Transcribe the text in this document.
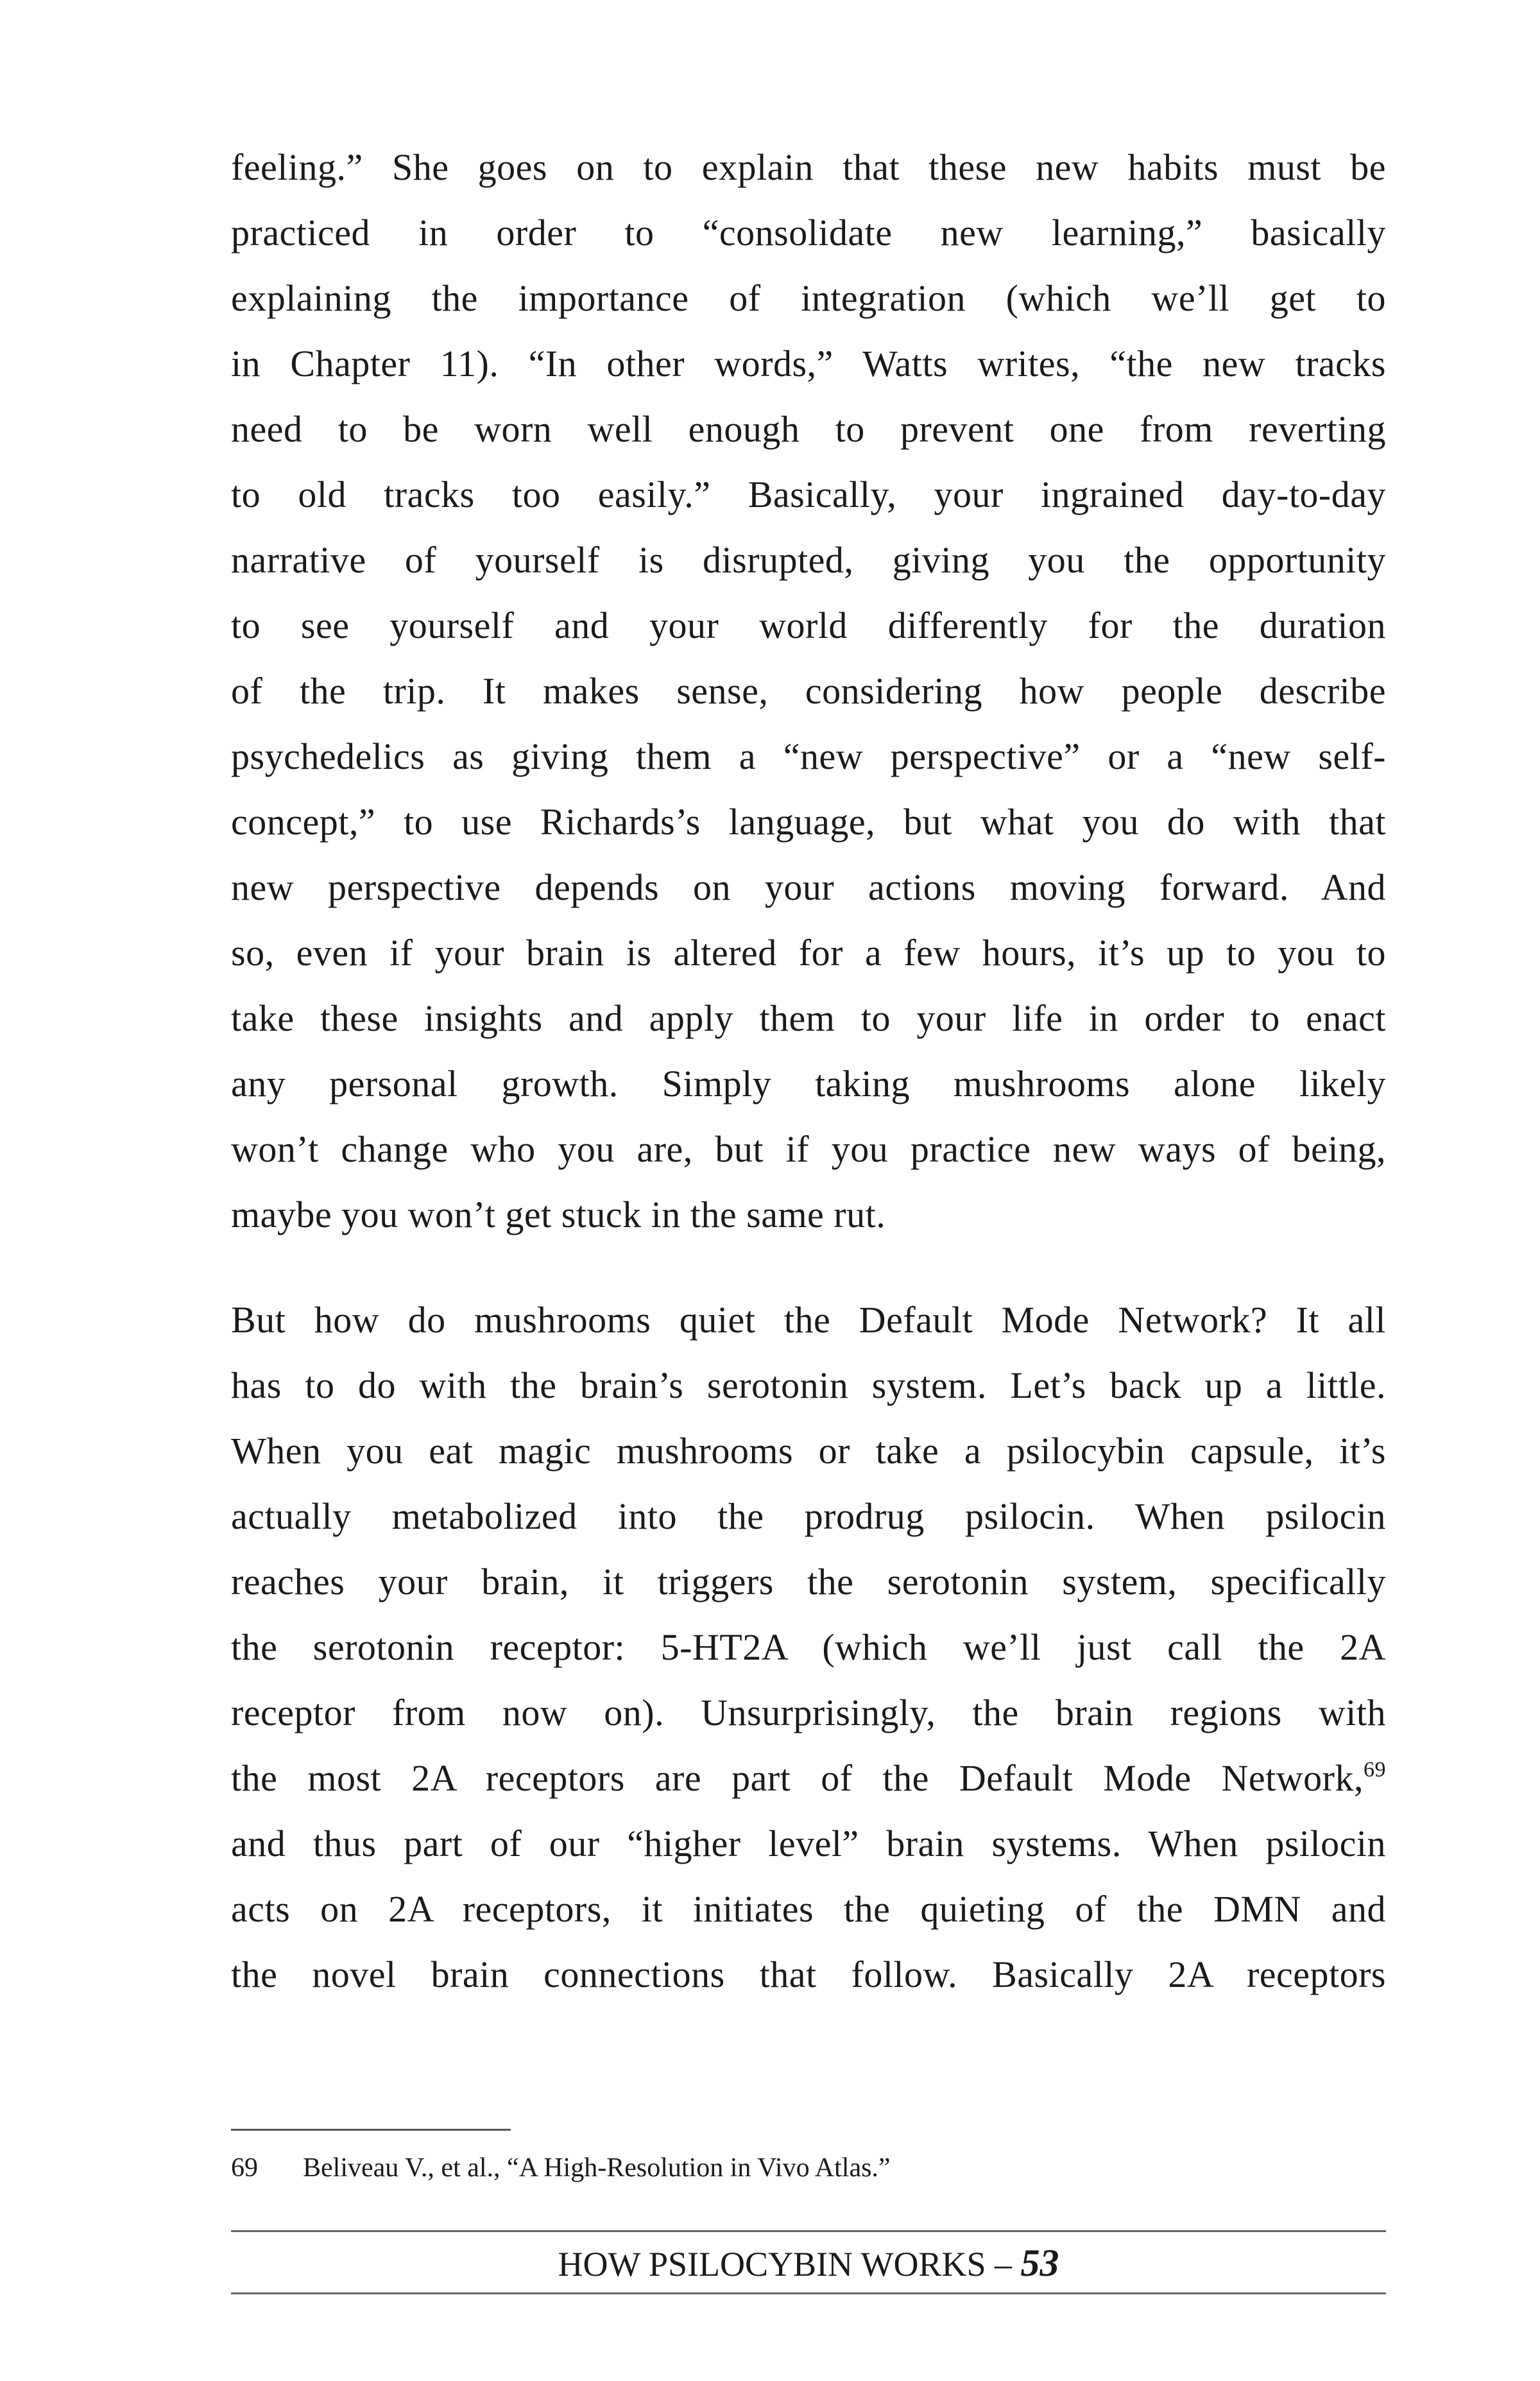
feeling.” She goes on to explain that these new habits must be
practiced in order to “consolidate new learning,” basically
explaining the importance of integration (which we’ll get to
in Chapter 11). “In other words,” Watts writes, “the new tracks
need to be worn well enough to prevent one from reverting
to old tracks too easily.” Basically, your ingrained day-to-day
narrative of yourself is disrupted, giving you the opportunity
to see yourself and your world differently for the duration
of the trip. It makes sense, considering how people describe
psychedelics as giving them a “new perspective” or a “new self-
concept,” to use Richards’s language, but what you do with that
new perspective depends on your actions moving forward. And
so, even if your brain is altered for a few hours, it’s up to you to
take these insights and apply them to your life in order to enact
any personal growth. Simply taking mushrooms alone likely
won’t change who you are, but if you practice new ways of being,
maybe you won’t get stuck in the same rut.
But how do mushrooms quiet the Default Mode Network? It all
has to do with the brain’s serotonin system. Let’s back up a little.
When you eat magic mushrooms or take a psilocybin capsule, it’s
actually metabolized into the prodrug psilocin. When psilocin
reaches your brain, it triggers the serotonin system, specifically
the serotonin receptor: 5-HT2A (which we’ll just call the 2A
receptor from now on). Unsurprisingly, the brain regions with
the most 2A receptors are part of the Default Mode Network,$^{69}$
and thus part of our “higher level” brain systems. When psilocin
acts on 2A receptors, it initiates the quieting of the DMN and
the novel brain connections that follow. Basically 2A receptors
69 Beliveau V., et al., “A High-Resolution in Vivo Atlas.”
HOW PSILOCYBIN WORKS – 53
